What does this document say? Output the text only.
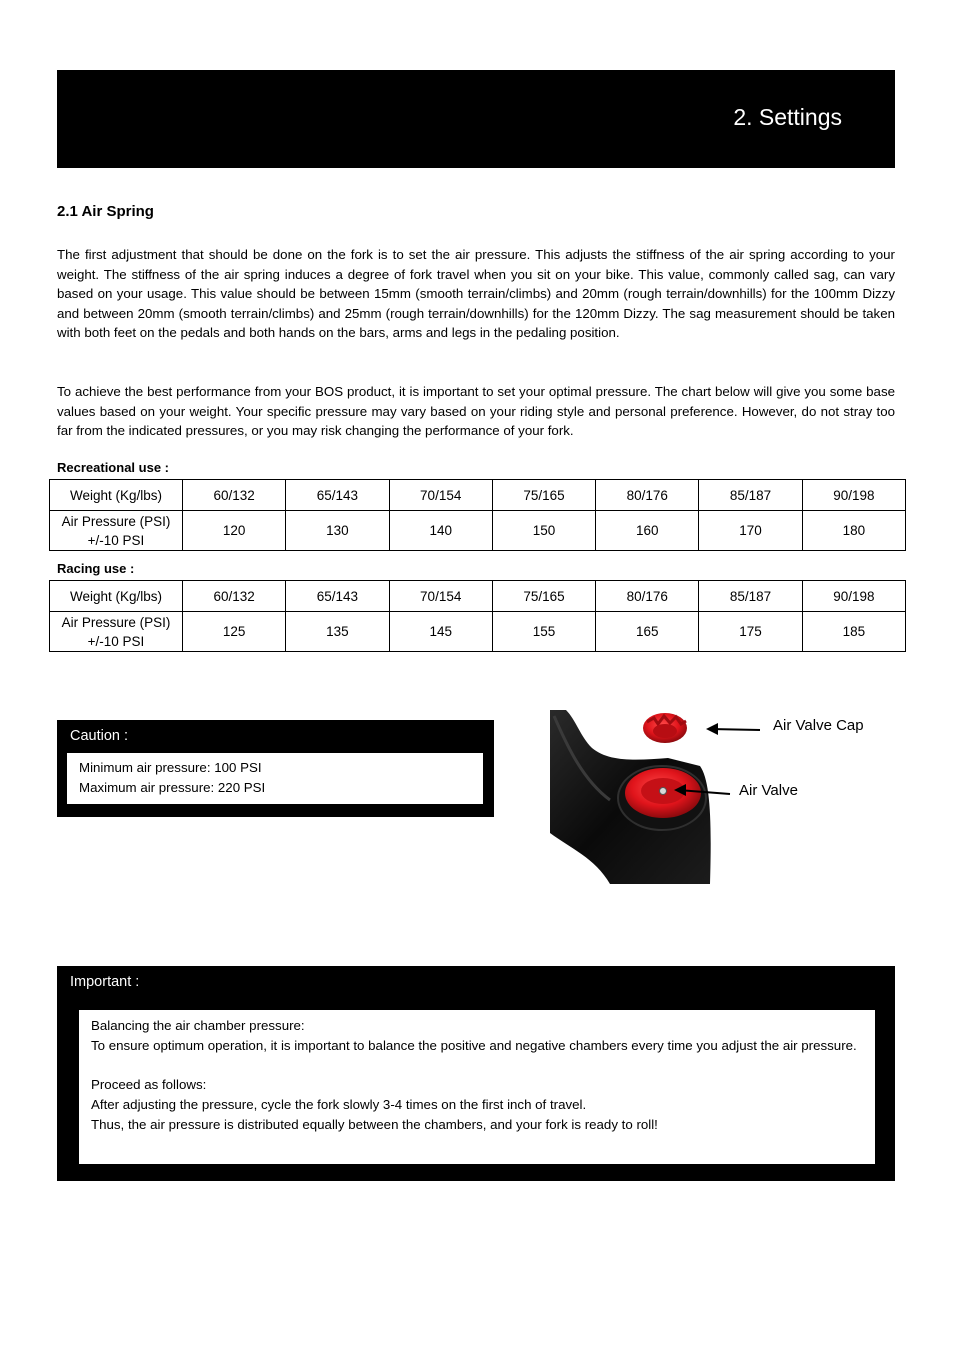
2. Settings
2.1 Air Spring

The first adjustment that should be done on the fork is to set the air pressure. This adjusts the stiffness of the air spring according to your weight. The stiffness of the air spring induces a degree of fork travel when you sit on your bike. This value, commonly called sag, can vary based on your usage. This value should be between 15mm (smooth terrain/climbs) and 20mm (rough terrain/downhills) for the 100mm Dizzy and between 20mm (smooth terrain/climbs) and 25mm (rough terrain/downhills) for the 120mm Dizzy. The sag measurement should be taken with both feet on the pedals and both hands on the bars, arms and legs in the pedaling position.

To achieve the best performance from your BOS product, it is important to set your optimal pressure. The chart below will give you some base values based on your weight. Your specific pressure may vary based on your riding style and personal preference. However, do not stray too far from the indicated pressures, or you may risk changing the performance of your fork.

Recreational use :
Weight (Kg/lbs)	60/132	65/143	70/154	75/165	80/176	85/187	90/198
Air Pressure (PSI)
+/-10 PSI	120	130	140	150	160	170	180
Racing use :
Weight (Kg/lbs)	60/132	65/143	70/154	75/165	80/176	85/187	90/198
Air Pressure (PSI)
+/-10 PSI	125	135	145	155	165	175	185
Caution :
Minimum air pressure: 100 PSI
Maximum air pressure: 220 PSI
Air Valve Cap
Air Valve
Important :
Balancing the air chamber pressure:
To ensure optimum operation, it is important to balance the positive and negative chambers every time you adjust the air pressure.
Proceed as follows:
After adjusting the pressure, cycle the fork slowly 3-4 times on the first inch of travel.
Thus, the air pressure is distributed equally between the chambers, and your fork is ready to roll!
